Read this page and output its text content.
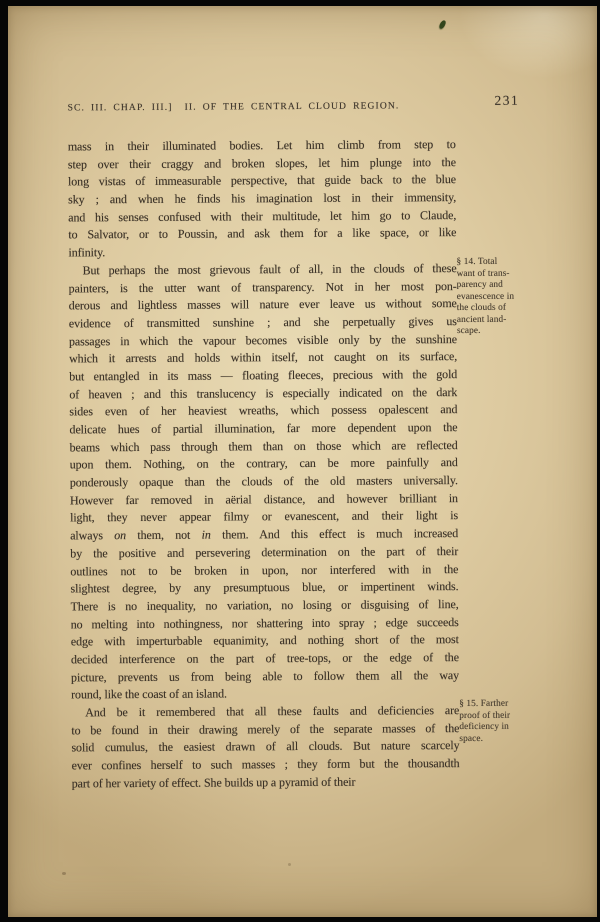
SC. III. CHAP. III.]	II. OF THE CENTRAL CLOUD REGION.	231
mass in their illuminated bodies. Let him climb from step to
step over their craggy and broken slopes, let him plunge into the
long vistas of immeasurable perspective, that guide back to the blue
sky ; and when he finds his imagination lost in their immensity,
and his senses confused with their multitude, let him go to Claude,
to Salvator, or to Poussin, and ask them for a like space, or like
infinity.
But perhaps the most grievous fault of all, in the clouds of these
painters, is the utter want of transparency. Not in her most pon-
derous and lightless masses will nature ever leave us without some
evidence of transmitted sunshine ; and she perpetually gives us
passages in which the vapour becomes visible only by the sunshine
which it arrests and holds within itself, not caught on its surface,
but entangled in its mass — floating fleeces, precious with the gold
of heaven ; and this translucency is especially indicated on the dark
sides even of her heaviest wreaths, which possess opalescent and
delicate hues of partial illumination, far more dependent upon the
beams which pass through them than on those which are reflected
upon them. Nothing, on the contrary, can be more painfully and
ponderously opaque than the clouds of the old masters universally.
However far removed in aërial distance, and however brilliant in
light, they never appear filmy or evanescent, and their light is
always on them, not in them. And this effect is much increased
by the positive and persevering determination on the part of their
outlines not to be broken in upon, nor interfered with in the
slightest degree, by any presumptuous blue, or impertinent winds.
There is no inequality, no variation, no losing or disguising of line,
no melting into nothingness, nor shattering into spray ; edge succeeds
edge with imperturbable equanimity, and nothing short of the most
decided interference on the part of tree-tops, or the edge of the
picture, prevents us from being able to follow them all the way
round, like the coast of an island.
And be it remembered that all these faults and deficiencies are
to be found in their drawing merely of the separate masses of the
solid cumulus, the easiest drawn of all clouds. But nature scarcely
ever confines herself to such masses ; they form but the thousandth
part of her variety of effect. She builds up a pyramid of their
§ 14. Total
want of trans-
parency and
evanescence in
the clouds of
ancient land-
scape.
§ 15. Farther
proof of their
deficiency in
space.
